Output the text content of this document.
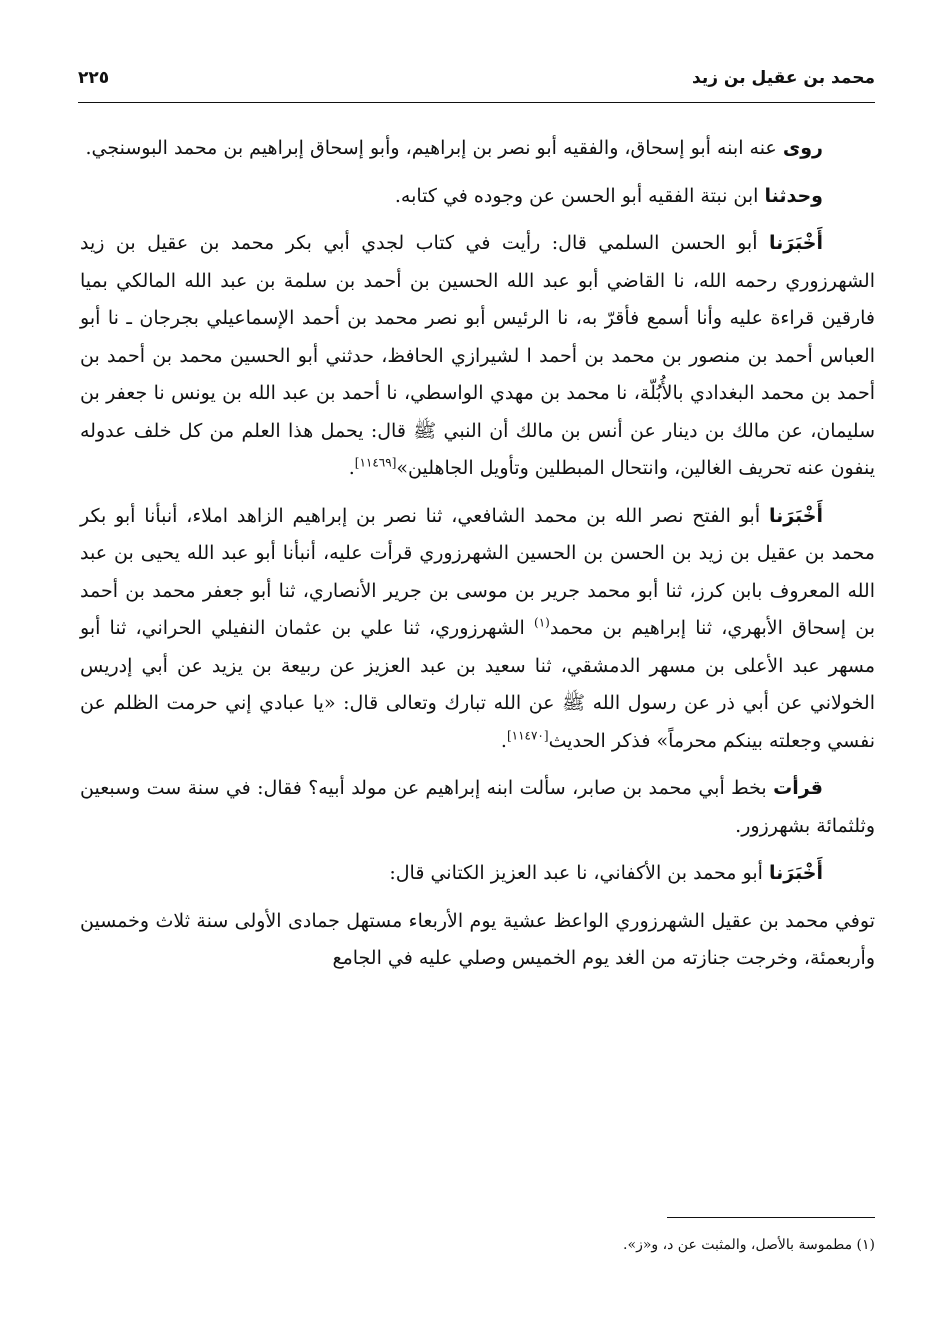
محمد بن عقيل بن زيد
٢٢٥

روى عنه ابنه أبو إسحاق، والفقيه أبو نصر بن إبراهيم، وأبو إسحاق إبراهيم بن محمد البوسنجي.

وحدثنا ابن نبتة الفقيه أبو الحسن عن وجوده في كتابه.

أَخْبَرَنا أبو الحسن السلمي قال: رأيت في كتاب لجدي أبي بكر محمد بن عقيل بن زيد الشهرزوري رحمه الله، نا القاضي أبو عبد الله الحسين بن أحمد بن سلمة بن عبد الله المالكي بميا فارقين قراءة عليه وأنا أسمع فأقرّ به، نا الرئيس أبو نصر محمد بن أحمد الإسماعيلي بجرجان ـ نا أبو العباس أحمد بن منصور بن محمد بن أحمد ا لشيرازي الحافظ، حدثني أبو الحسين محمد بن أحمد بن أحمد بن محمد البغدادي بالأُبُلّة، نا محمد بن مهدي الواسطي، نا أحمد بن عبد الله بن يونس نا جعفر بن سليمان، عن مالك بن دينار عن أنس بن مالك أن النبي ﷺ قال: يحمل هذا العلم من كل خلف عدوله ينفون عنه تحريف الغالين، وانتحال المبطلين وتأويل الجاهلين»[١١٤٦٩].

أَخْبَرَنا أبو الفتح نصر الله بن محمد الشافعي، ثنا نصر بن إبراهيم الزاهد املاء، أنبأنا أبو بكر محمد بن عقيل بن زيد بن الحسن بن الحسين الشهرزوري قرأت عليه، أنبأنا أبو عبد الله يحيى بن عبد الله المعروف بابن كرز، ثنا أبو محمد جرير بن موسى بن جرير الأنصاري، ثنا أبو جعفر محمد بن أحمد بن إسحاق الأبهري، ثنا إبراهيم بن محمد$^{(١)}$ الشهرزوري، ثنا علي بن عثمان النفيلي الحراني، ثنا أبو مسهر عبد الأعلى بن مسهر الدمشقي، ثنا سعيد بن عبد العزيز عن ربيعة بن يزيد عن أبي إدريس الخولاني عن أبي ذر عن رسول الله ﷺ عن الله تبارك وتعالى قال: «يا عبادي إني حرمت الظلم عن نفسي وجعلته بينكم محرماً» فذكر الحديث[١١٤٧٠].

قرأت بخط أبي محمد بن صابر، سألت ابنه إبراهيم عن مولد أبيه؟ فقال: في سنة ست وسبعين وثلثمائة بشهرزور.

أَخْبَرَنا أبو محمد بن الأكفاني، نا عبد العزيز الكتاني قال:

توفي محمد بن عقيل الشهرزوري الواعظ عشية يوم الأربعاء مستهل جمادى الأولى سنة ثلاث وخمسين وأربعمئة، وخرجت جنازته من الغد يوم الخميس وصلي عليه في الجامع

(١) مطموسة بالأصل، والمثبت عن د، و«ز».
